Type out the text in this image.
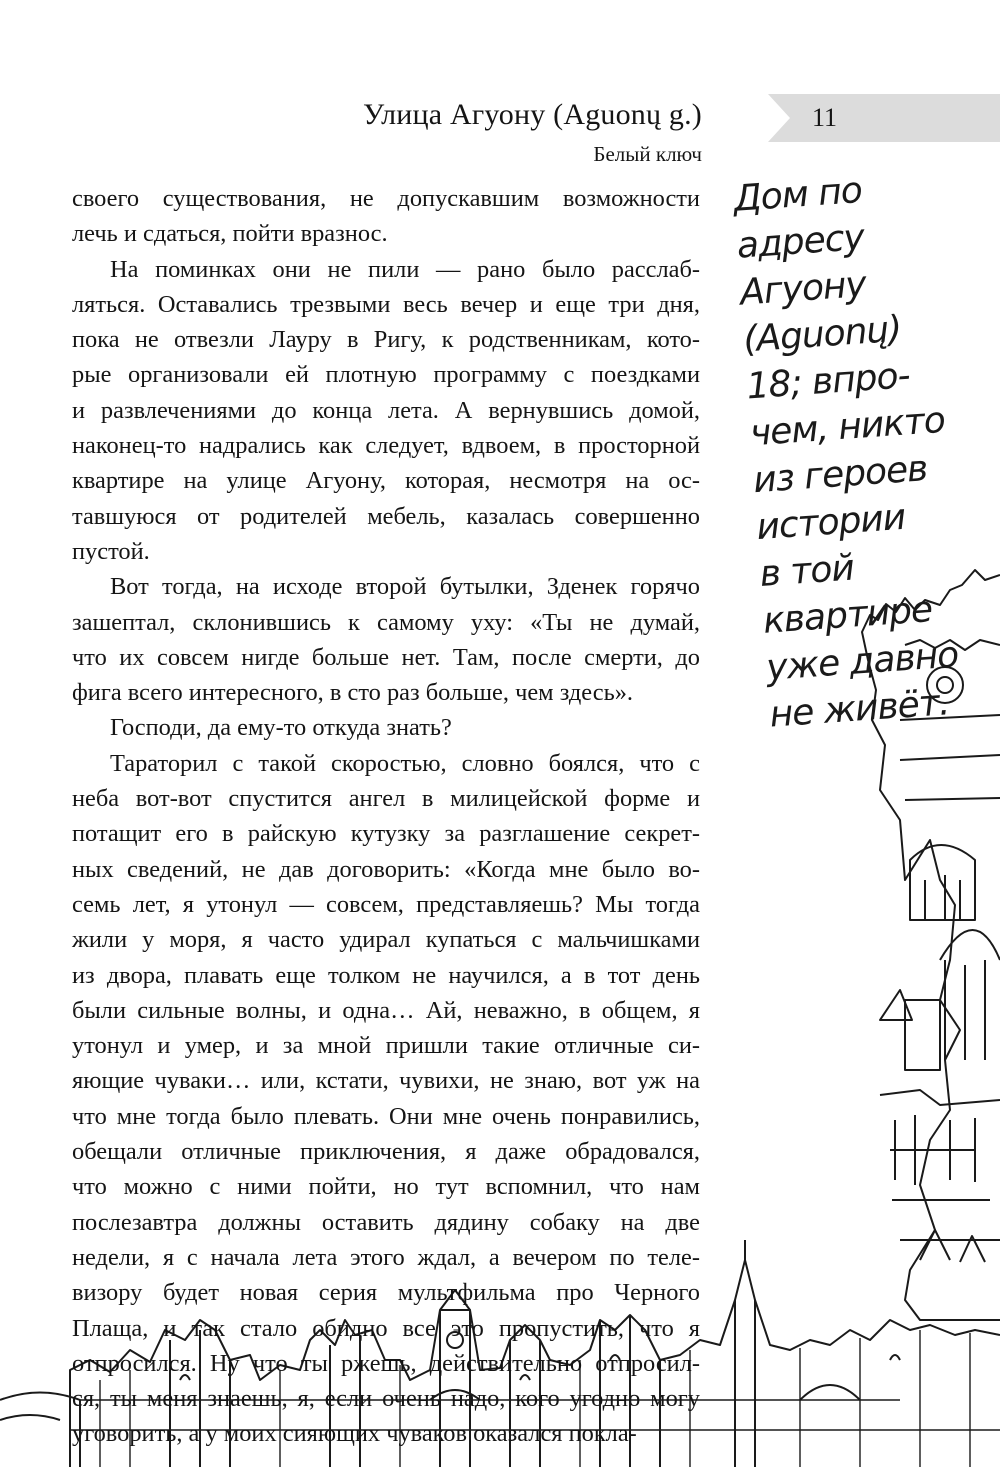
Улица Агуону (Aguonų g.)
Белый ключ
11

своего существования, не допускавшим возможности
лечь и сдаться, пойти вразнос.

На поминках они не пили — рано было расслаб-
ляться. Оставались трезвыми весь вечер и еще три дня,
пока не отвезли Лауру в Ригу, к родственникам, кото-
рые организовали ей плотную программу с поездками
и развлечениями до конца лета. А вернувшись домой,
наконец-то надрались как следует, вдвоем, в просторной
квартире на улице Агуону, которая, несмотря на ос-
тавшуюся от родителей мебель, казалась совершенно
пустой.

Вот тогда, на исходе второй бутылки, Зденек горячо
зашептал, склонившись к самому уху: «Ты не думай,
что их совсем нигде больше нет. Там, после смерти, до
фига всего интересного, в сто раз больше, чем здесь».

Господи, да ему-то откуда знать?

Тараторил с такой скоростью, словно боялся, что с
неба вот-вот спустится ангел в милицейской форме и
потащит его в райскую кутузку за разглашение секрет-
ных сведений, не дав договорить: «Когда мне было во-
семь лет, я утонул — совсем, представляешь? Мы тогда
жили у моря, я часто удирал купаться с мальчишками
из двора, плавать еще толком не научился, а в тот день
были сильные волны, и одна… Ай, неважно, в общем, я
утонул и умер, и за мной пришли такие отличные си-
яющие чуваки… или, кстати, чувихи, не знаю, вот уж на
что мне тогда было плевать. Они мне очень понравились,
обещали отличные приключения, я даже обрадовался,
что можно с ними пойти, но тут вспомнил, что нам
послезавтра должны оставить дядину собаку на две
недели, я с начала лета этого ждал, а вечером по теле-
визору будет новая серия мультфильма про Черного
Плаща, и так стало обидно все это пропустить, что я
отпросился. Ну что ты ржешь, действительно отпросил-
ся, ты меня знаешь, я, если очень надо, кого угодно могу
уговорить, а у моих сияющих чуваков оказался покла-

Дом по
адресу
Агуону
(Aguonų)
18; впро-
чем, никто
из героев
истории
в той
квартире
уже давно
не живёт.
